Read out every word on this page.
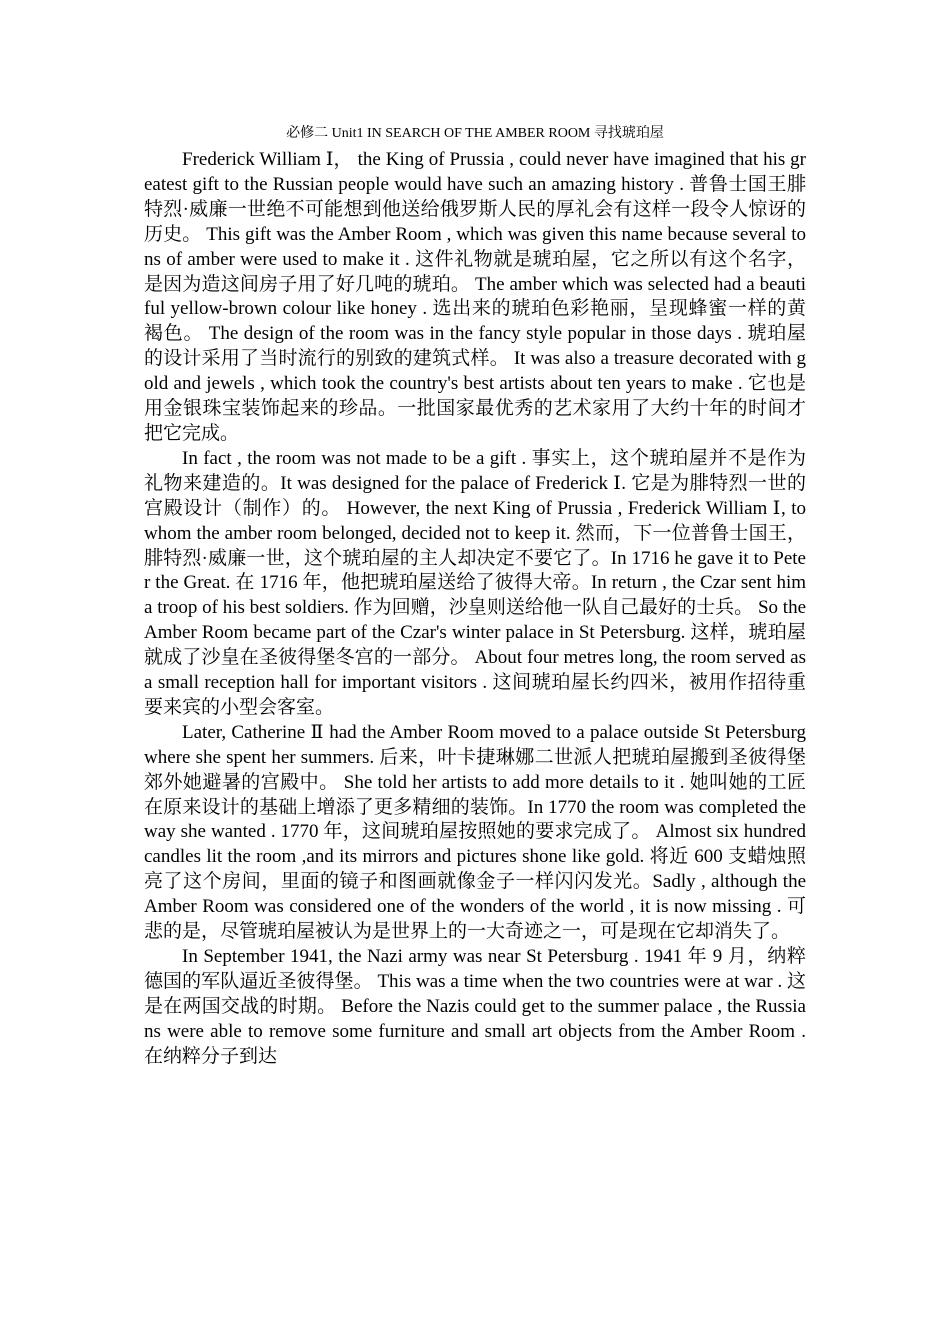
必修二 Unit1 IN SEARCH OF THE AMBER ROOM 寻找琥珀屋

Frederick William Ⅰ， the King of Prussia , could never have imagined that his greatest gift to the Russian people would have such an amazing history . 普鲁士国王腓特烈·威廉一世绝不可能想到他送给俄罗斯人民的厚礼会有这样一段令人惊讶的历史。 This gift was the Amber Room , which was given this name because several tons of amber were used to make it . 这件礼物就是琥珀屋，它之所以有这个名字，是因为造这间房子用了好几吨的琥珀。 The amber which was selected had a beautiful yellow-brown colour like honey . 选出来的琥珀色彩艳丽，呈现蜂蜜一样的黄褐色。 The design of the room was in the fancy style popular in those days . 琥珀屋的设计采用了当时流行的别致的建筑式样。 It was also a treasure decorated with gold and jewels , which took the country's best artists about ten years to make . 它也是用金银珠宝装饰起来的珍品。一批国家最优秀的艺术家用了大约十年的时间才把它完成。

In fact , the room was not made to be a gift . 事实上，这个琥珀屋并不是作为礼物来建造的。It was designed for the palace of Frederick Ⅰ. 它是为腓特烈一世的宫殿设计（制作）的。 However, the next King of Prussia , Frederick William Ⅰ, to whom the amber room belonged, decided not to keep it. 然而，下一位普鲁士国王，腓特烈·威廉一世，这个琥珀屋的主人却决定不要它了。In 1716 he gave it to Peter the Great. 在 1716 年，他把琥珀屋送给了彼得大帝。In return , the Czar sent him a troop of his best soldiers. 作为回赠，沙皇则送给他一队自己最好的士兵。 So the Amber Room became part of the Czar's winter palace in St Petersburg. 这样，琥珀屋就成了沙皇在圣彼得堡冬宫的一部分。 About four metres long, the room served as a small reception hall for important visitors . 这间琥珀屋长约四米，被用作招待重要来宾的小型会客室。

Later, Catherine Ⅱ had the Amber Room moved to a palace outside St Petersburg where she spent her summers. 后来，叶卡捷琳娜二世派人把琥珀屋搬到圣彼得堡郊外她避暑的宫殿中。 She told her artists to add more details to it . 她叫她的工匠在原来设计的基础上增添了更多精细的装饰。In 1770 the room was completed the way she wanted . 1770 年，这间琥珀屋按照她的要求完成了。 Almost six hundred candles lit the room ,and its mirrors and pictures shone like gold. 将近 600 支蜡烛照亮了这个房间，里面的镜子和图画就像金子一样闪闪发光。Sadly , although the Amber Room was considered one of the wonders of the world , it is now missing . 可悲的是，尽管琥珀屋被认为是世界上的一大奇迹之一，可是现在它却消失了。

In September 1941, the Nazi army was near St Petersburg . 1941 年 9 月，纳粹德国的军队逼近圣彼得堡。 This was a time when the two countries were at war . 这是在两国交战的时期。 Before the Nazis could get to the summer palace , the Russians were able to remove some furniture and small art objects from the Amber Room . 在纳粹分子到达
